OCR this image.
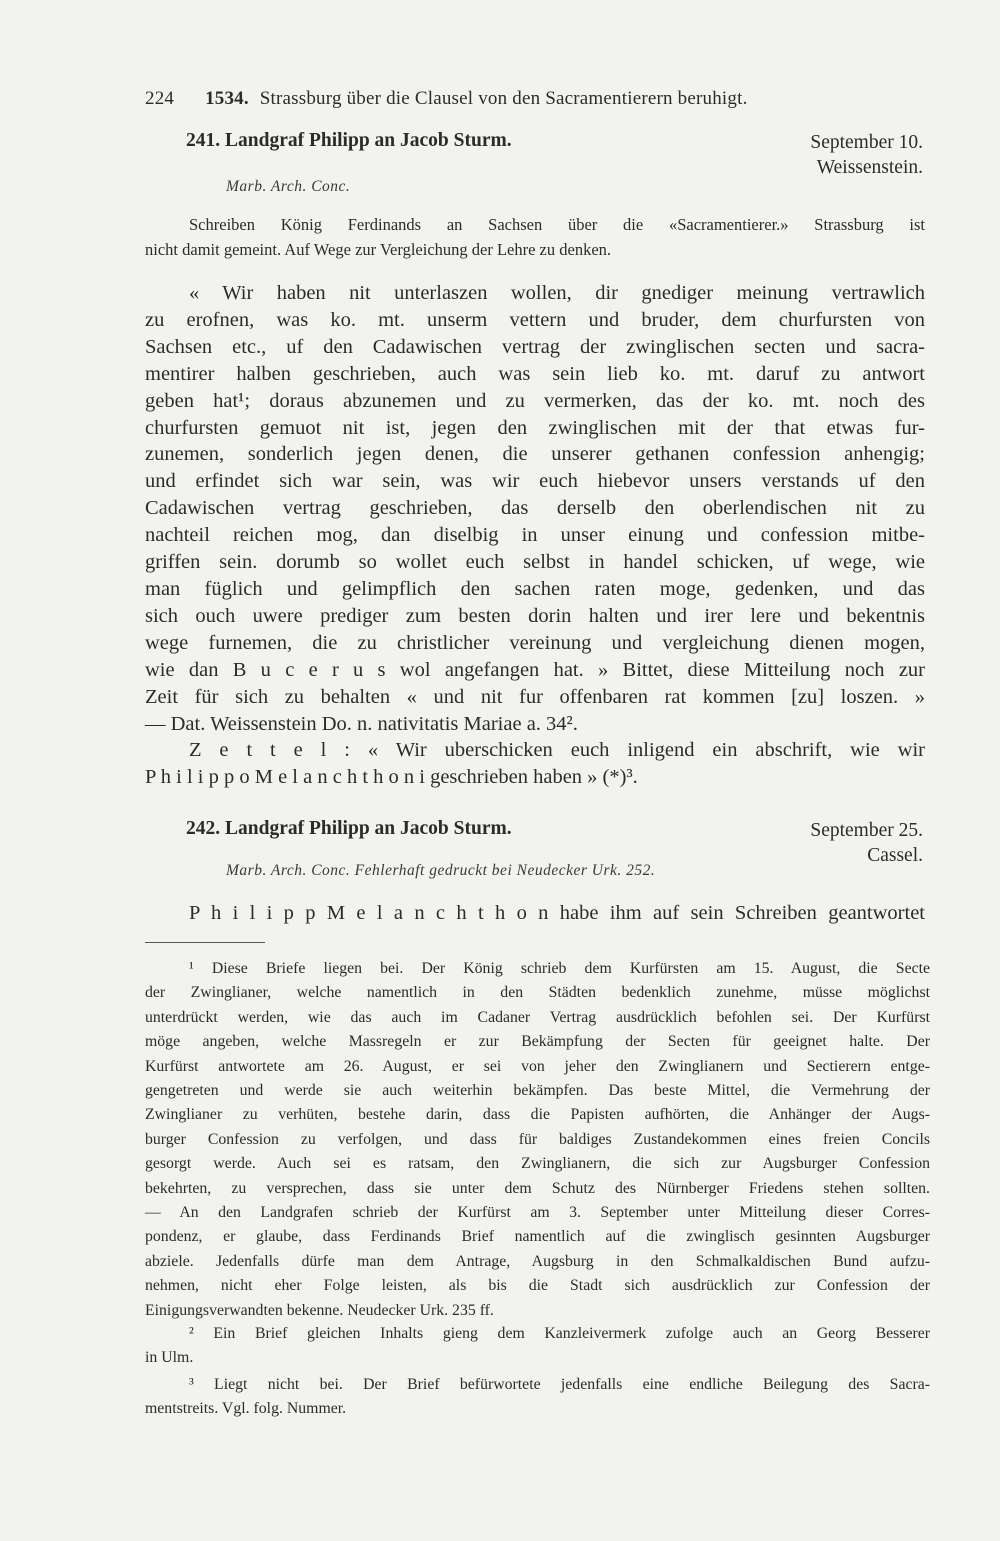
224 1534. Strassburg über die Clausel von den Sacramentierern beruhigt.
241. Landgraf Philipp an Jacob Sturm.	September 10.
Weissenstein.
Marb. Arch. Conc.
Schreiben König Ferdinands an Sachsen über die «Sacramentierer.» Strassburg ist
nicht damit gemeint. Auf Wege zur Vergleichung der Lehre zu denken.
« Wir haben nit unterlaszen wollen, dir gnediger meinung vertrawlich
zu erofnen, was ko. mt. unserm vettern und bruder, dem churfursten von
Sachsen etc., uf den Cadawischen vertrag der zwinglischen secten und sacra-
mentirer halben geschrieben, auch was sein lieb ko. mt. daruf zu antwort
geben hat¹; doraus abzunemen und zu vermerken, das der ko. mt. noch des
churfursten gemuot nit ist, jegen den zwinglischen mit der that etwas fur-
zunemen, sonderlich jegen denen, die unserer gethanen confession anhengig;
und erfindet sich war sein, was wir euch hiebevor unsers verstands uf den
Cadawischen vertrag geschrieben, das derselb den oberlendischen nit zu
nachteil reichen mog, dan diselbig in unser einung und confession mitbe-
griffen sein. dorumb so wollet euch selbst in handel schicken, uf wege, wie
man füglich und gelimpflich den sachen raten moge, gedenken, und das
sich ouch uwere prediger zum besten dorin halten und irer lere und bekentnis
wege furnemen, die zu christlicher vereinung und vergleichung dienen mogen,
wie dan B u c e r u s wol angefangen hat. » Bittet, diese Mitteilung noch zur
Zeit für sich zu behalten « und nit fur offenbaren rat kommen [zu] loszen. »
— Dat. Weissenstein Do. n. nativitatis Mariae a. 34².
Z e t t e l : « Wir uberschicken euch inligend ein abschrift, wie wir
P h i l i p p o M e l a n c h t h o n i geschrieben haben » (*)³.
242. Landgraf Philipp an Jacob Sturm.	September 25.
Cassel.
Marb. Arch. Conc. Fehlerhaft gedruckt bei Neudecker Urk. 252.
P h i l i p p M e l a n c h t h o n habe ihm auf sein Schreiben geantwortet
¹ Diese Briefe liegen bei. Der König schrieb dem Kurfürsten am 15. August, die Secte
der Zwinglianer, welche namentlich in den Städten bedenklich zunehme, müsse möglichst
unterdrückt werden, wie das auch im Cadaner Vertrag ausdrücklich befohlen sei. Der Kurfürst
möge angeben, welche Massregeln er zur Bekämpfung der Secten für geeignet halte. Der
Kurfürst antwortete am 26. August, er sei von jeher den Zwinglianern und Sectierern entge-
gengetreten und werde sie auch weiterhin bekämpfen. Das beste Mittel, die Vermehrung der
Zwinglianer zu verhüten, bestehe darin, dass die Papisten aufhörten, die Anhänger der Augs-
burger Confession zu verfolgen, und dass für baldiges Zustandekommen eines freien Concils
gesorgt werde. Auch sei es ratsam, den Zwinglianern, die sich zur Augsburger Confession
bekehrten, zu versprechen, dass sie unter dem Schutz des Nürnberger Friedens stehen sollten.
— An den Landgrafen schrieb der Kurfürst am 3. September unter Mitteilung dieser Corres-
pondenz, er glaube, dass Ferdinands Brief namentlich auf die zwinglisch gesinnten Augsburger
abziele. Jedenfalls dürfe man dem Antrage, Augsburg in den Schmalkaldischen Bund aufzu-
nehmen, nicht eher Folge leisten, als bis die Stadt sich ausdrücklich zur Confession der
Einigungsverwandten bekenne. Neudecker Urk. 235 ff.
² Ein Brief gleichen Inhalts gieng dem Kanzleivermerk zufolge auch an Georg Besserer
in Ulm.
³ Liegt nicht bei. Der Brief befürwortete jedenfalls eine endliche Beilegung des Sacra-
mentstreits. Vgl. folg. Nummer.
